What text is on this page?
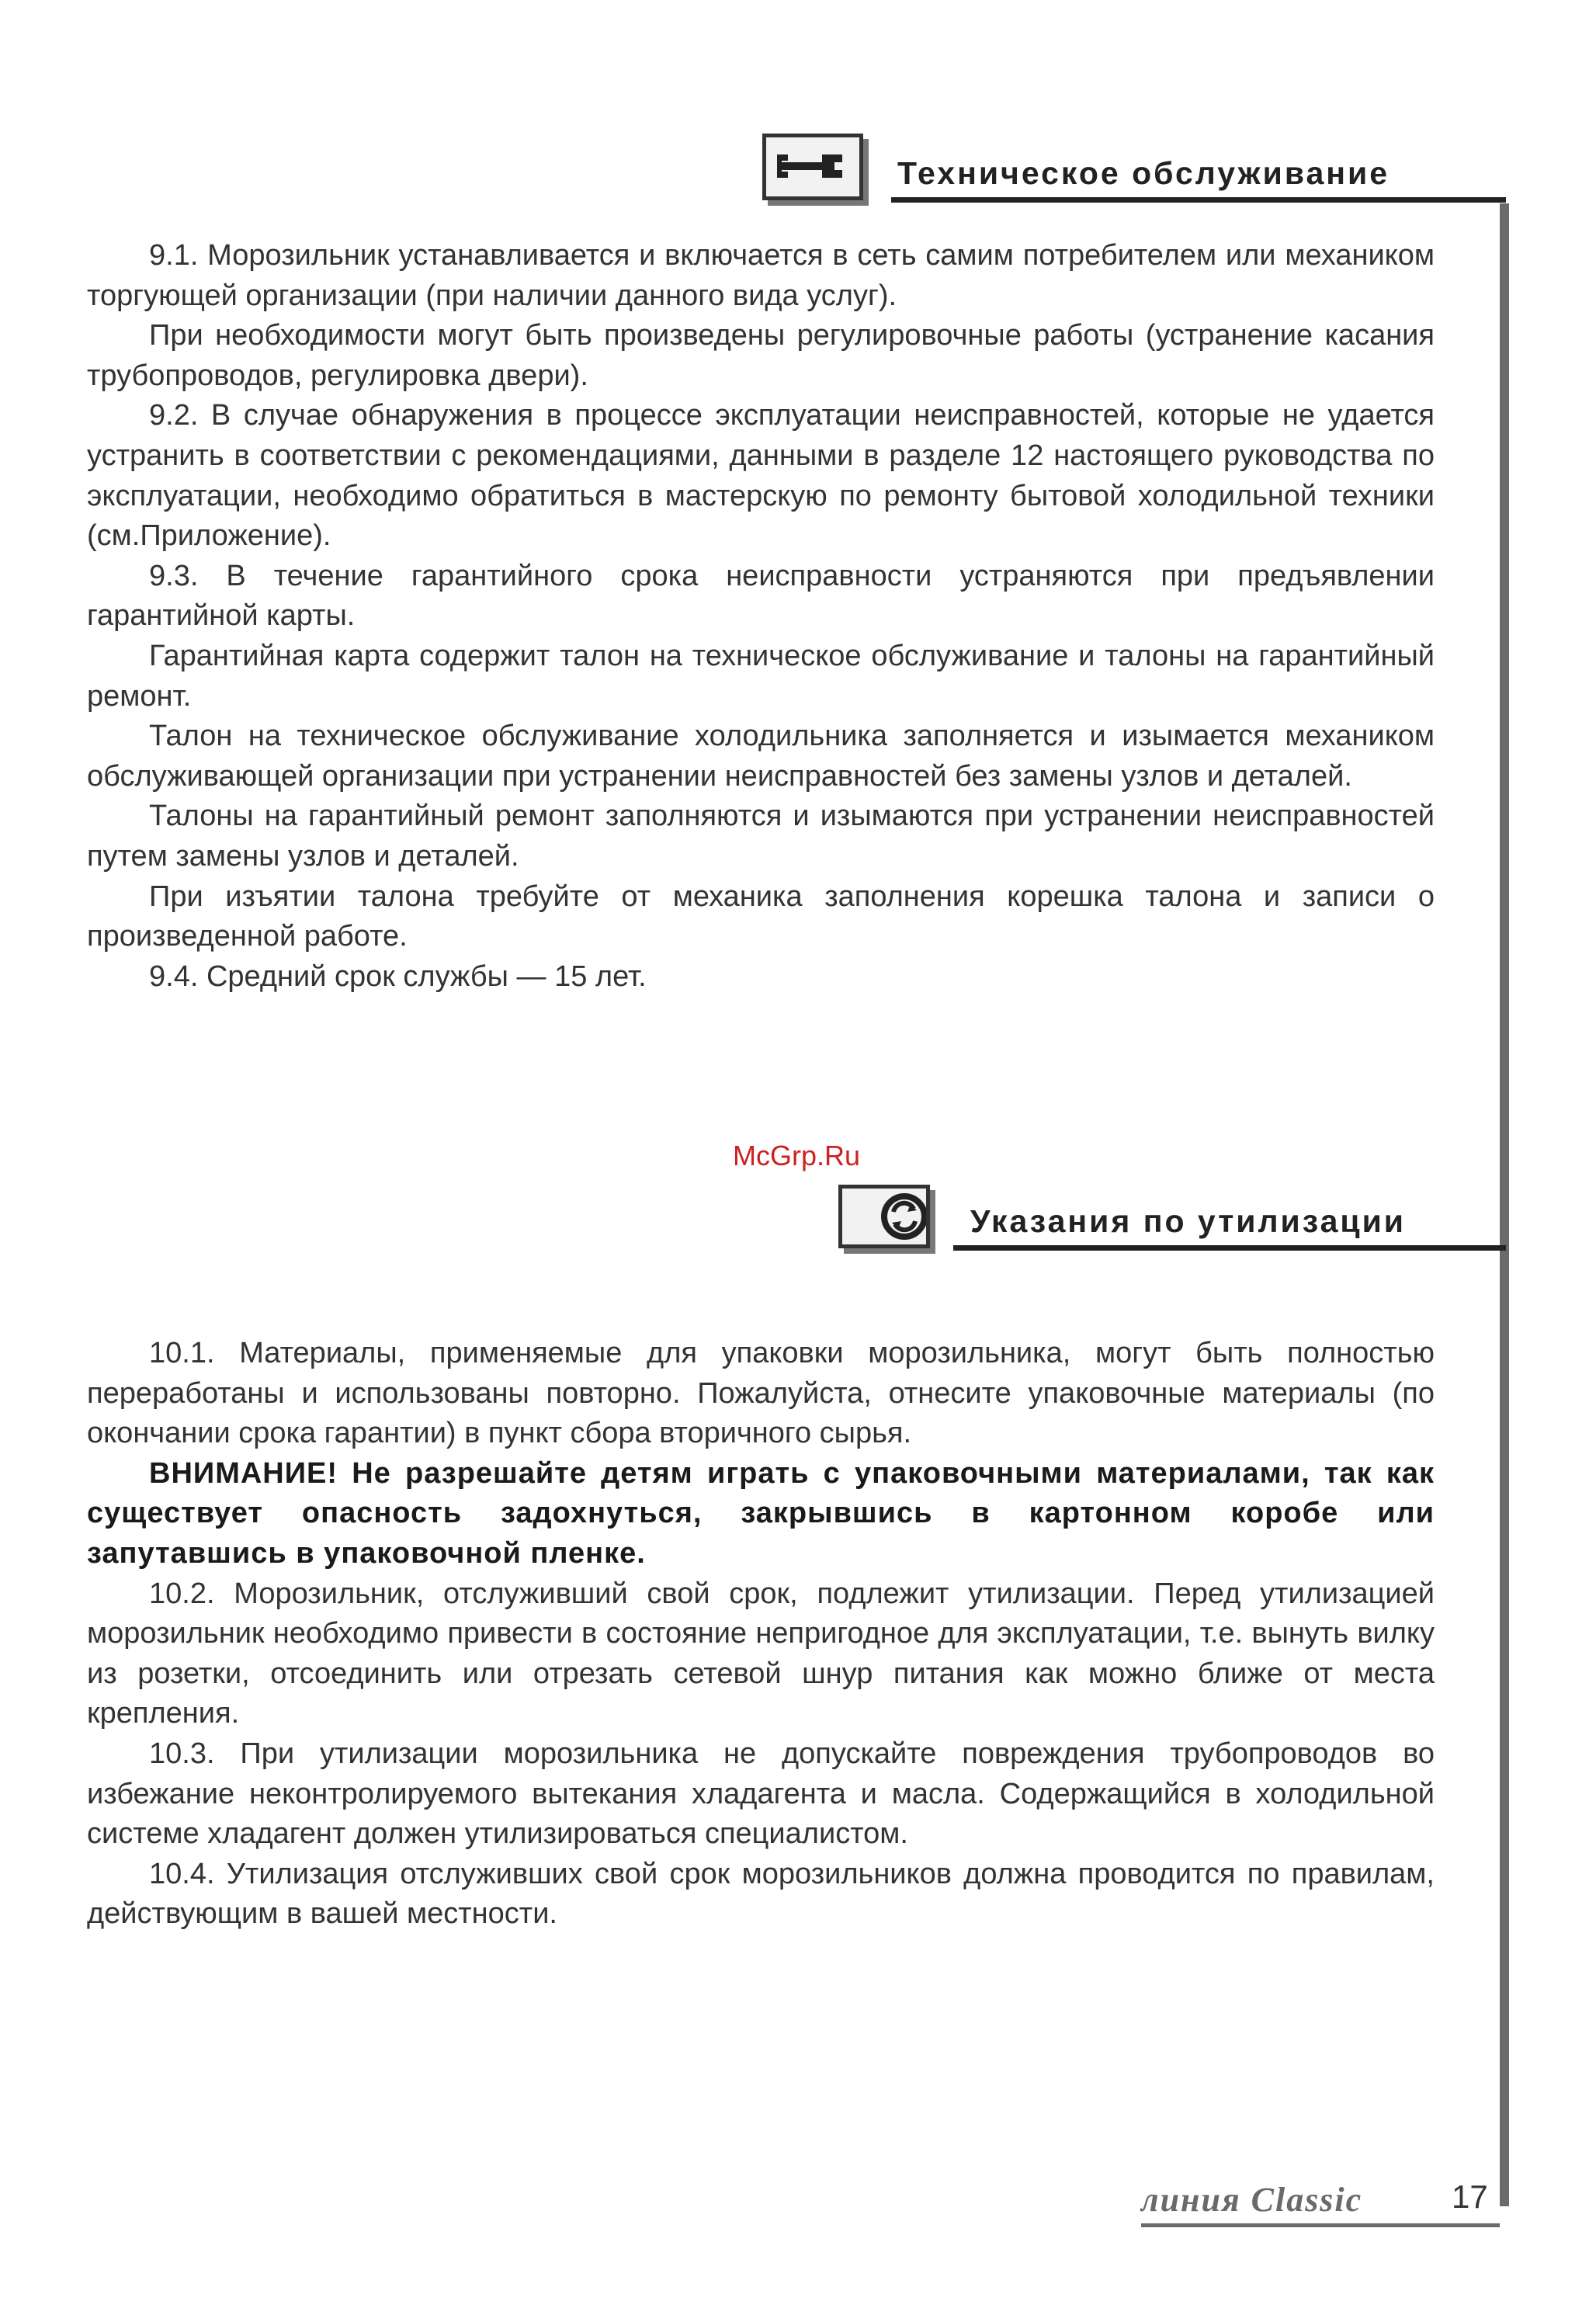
Техническое обслуживание

9.1. Морозильник устанавливается и включается в сеть самим потребителем или механиком торгующей организации (при наличии данного вида услуг).

При необходимости могут быть произведены регулировочные работы (устранение касания трубопроводов, регулировка двери).

9.2. В случае обнаружения в процессе эксплуатации неисправностей, которые не удается устранить в соответствии с рекомендациями, данными в разделе 12 настоящего руководства по эксплуатации, необходимо обратиться в мастерскую по ремонту бытовой холодильной техники (см.Приложение).

9.3. В течение гарантийного срока неисправности устраняются при предъявлении гарантийной карты.

Гарантийная карта содержит талон на техническое обслуживание и талоны на гарантийный ремонт.

Талон на техническое обслуживание холодильника заполняется и изымается механиком обслуживающей организации при устранении неисправностей без замены узлов и деталей.

Талоны на гарантийный ремонт заполняются и изымаются при устранении неисправностей путем замены узлов и деталей.

При изъятии талона требуйте от механика заполнения корешка талона и записи о произведенной работе.

9.4. Средний срок службы — 15 лет.

McGrp.Ru
Указания по утилизации

10.1. Материалы, применяемые для упаковки морозильника, могут быть полностью переработаны и использованы повторно. Пожалуйста, отнесите упаковочные материалы (по окончании срока гарантии) в пункт сбора вторичного сырья.

ВНИМАНИЕ! Не разрешайте детям играть с упаковочными материалами, так как существует опасность задохнуться, закрывшись в картонном коробе или запутавшись в упаковочной пленке.

10.2. Морозильник, отслуживший свой срок, подлежит утилизации. Перед утилизацией морозильник необходимо привести в состояние непригодное для эксплуатации, т.е. вынуть вилку из розетки, отсоединить или отрезать сетевой шнур питания как можно ближе от места крепления.

10.3. При утилизации морозильника не допускайте повреждения трубопроводов во избежание неконтролируемого вытекания хладагента и масла. Содержащийся в холодильной системе хладагент должен утилизироваться специалистом.

10.4. Утилизация отслуживших свой срок морозильников должна проводится по правилам, действующим в вашей местности.

линия Classic	17
